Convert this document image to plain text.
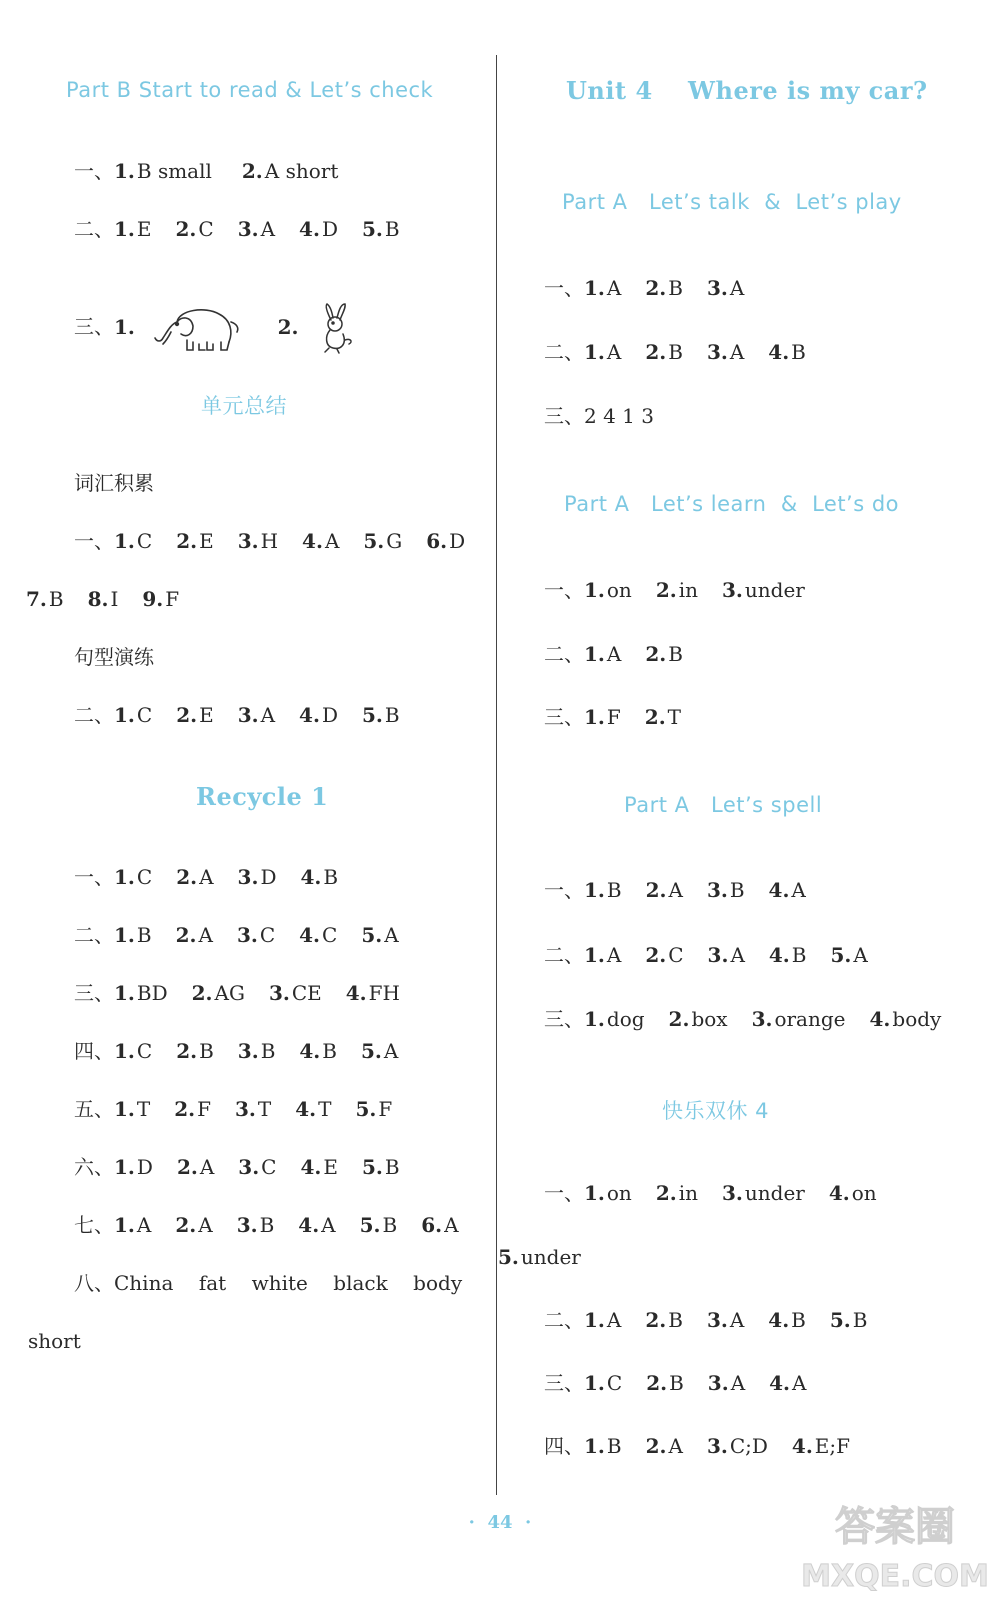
Part B Start to read & Let’s check
一、1. B small 2. A short
二、1. E 2. C 3. A 4. D 5. B
三、1.	2.
单元总结
词汇积累
一、1. C 2. E 3. H 4. A 5. G 6. D
7. B 8. I 9. F
句型演练
二、1. C 2. E 3. A 4. D 5. B
Recycle 1
一、1. C 2. A 3. D 4. B
二、1. B 2. A 3. C 4. C 5. A
三、1. BD 2. AG 3. CE 4. FH
四、1. C 2. B 3. B 4. B 5. A
五、1. T 2. F 3. T 4. T 5. F
六、1. D 2. A 3. C 4. E 5. B
七、1. A 2. A 3. B 4. A 5. B 6. A
八、China    fat    white    black    body
short
Unit 4    Where is my car?
Part A   Let’s talk  &  Let’s play
一、1. A 2. B 3. A
二、1. A 2. B 3. A 4. B
三、2 4 1 3
Part A   Let’s learn  &  Let’s do
一、1. on 2. in 3. under
二、1. A 2. B
三、1. F 2. T
Part A   Let’s spell
一、1. B 2. A 3. B 4. A
二、1. A 2. C 3. A 4. B 5. A
三、1. dog 2. box 3. orange 4. body
快乐双休 4
一、1. on 2. in 3. under 4. on
5. under
二、1. A 2. B 3. A 4. B 5. B
三、1. C 2. B 3. A 4. A
四、1. B 2. A 3. C;D 4. E;F
·  44  ·	答案圈
MXQE.COM
